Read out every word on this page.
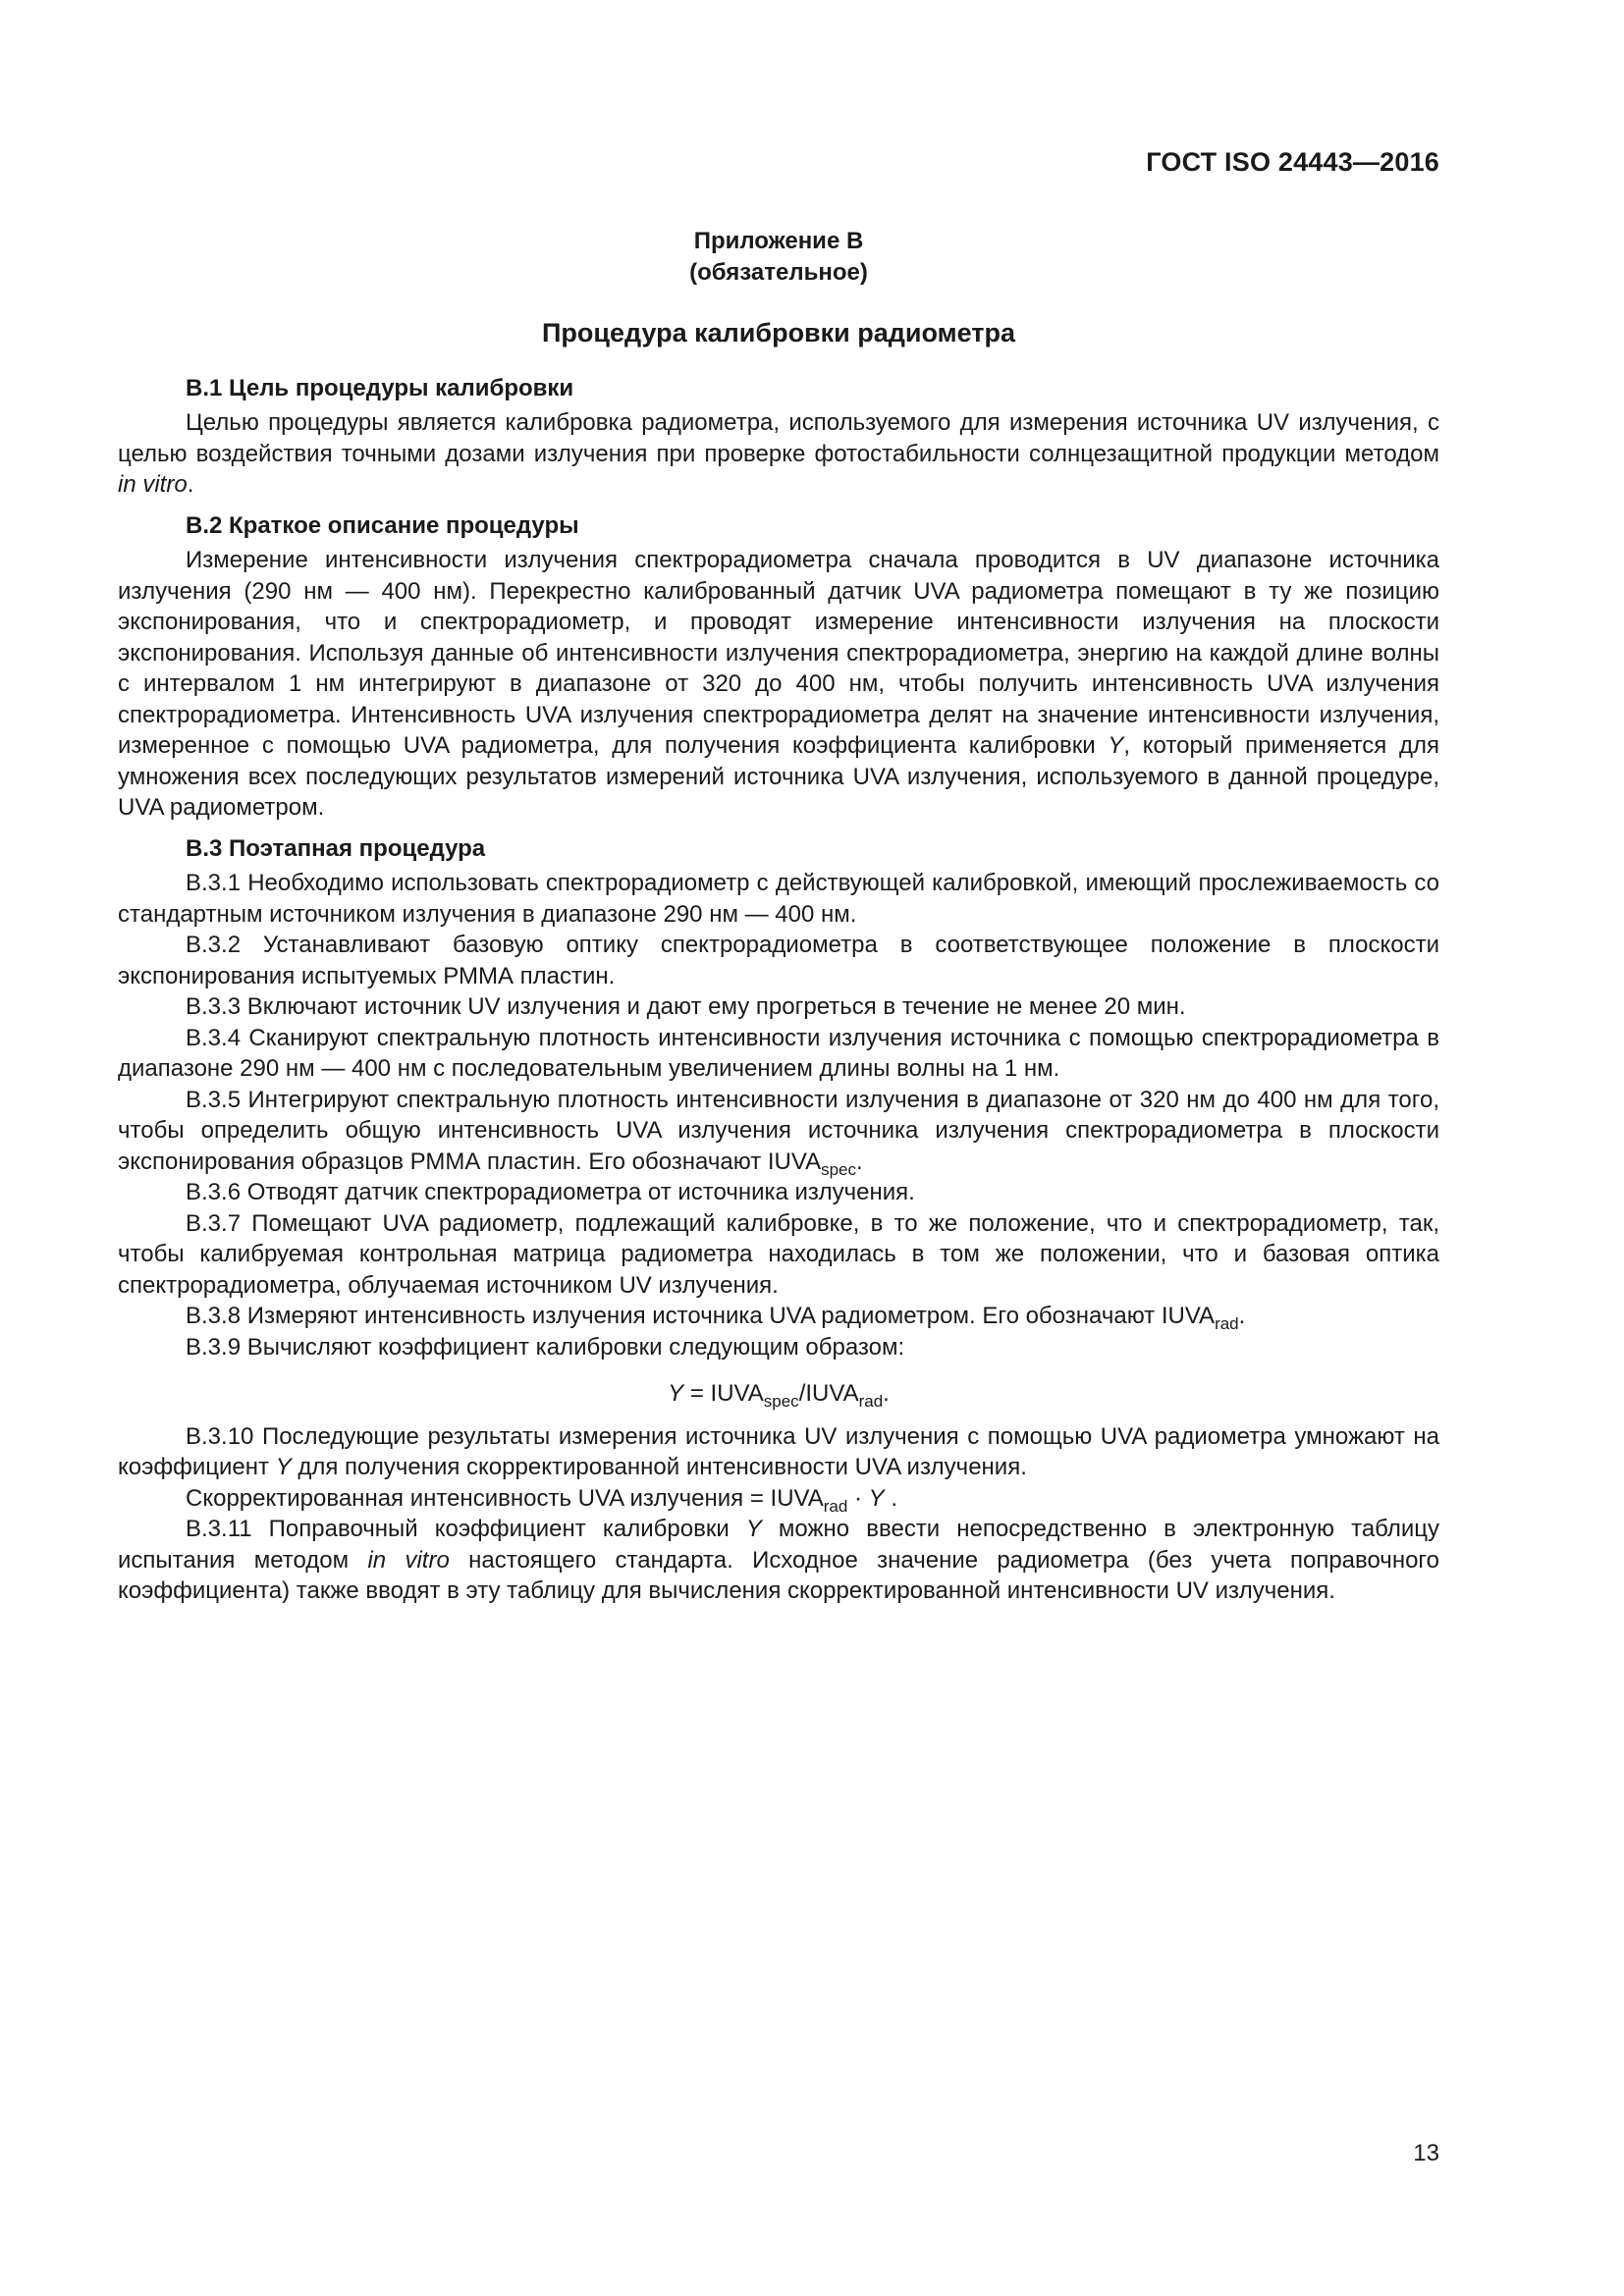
ГОСТ ISO 24443—2016
Приложение В
(обязательное)
Процедура калибровки радиометра
В.1 Цель процедуры калибровки

Целью процедуры является калибровка радиометра, используемого для измерения источника UV излучения, с целью воздействия точными дозами излучения при проверке фотостабильности солнцезащитной продукции методом in vitro.

В.2 Краткое описание процедуры

Измерение интенсивности излучения спектрорадиометра сначала проводится в UV диапазоне источника излучения (290 нм — 400 нм). Перекрестно калиброванный датчик UVA радиометра помещают в ту же позицию экспонирования, что и спектрорадиометр, и проводят измерение интенсивности излучения на плоскости экспонирования. Используя данные об интенсивности излучения спектрорадиометра, энергию на каждой длине волны с интервалом 1 нм интегрируют в диапазоне от 320 до 400 нм, чтобы получить интенсивность UVA излучения спектрорадиометра. Интенсивность UVA излучения спектрорадиометра делят на значение интенсивности излучения, измеренное с помощью UVA радиометра, для получения коэффициента калибровки Y, который применяется для умножения всех последующих результатов измерений источника UVA излучения, используемого в данной процедуре, UVA радиометром.

В.3 Поэтапная процедура

В.3.1 Необходимо использовать спектрорадиометр с действующей калибровкой, имеющий прослеживаемость со стандартным источником излучения в диапазоне 290 нм — 400 нм.

В.3.2 Устанавливают базовую оптику спектрорадиометра в соответствующее положение в плоскости экспонирования испытуемых РММА пластин.

В.3.3 Включают источник UV излучения и дают ему прогреться в течение не менее 20 мин.

В.3.4 Сканируют спектральную плотность интенсивности излучения источника с помощью спектрорадиометра в диапазоне 290 нм — 400 нм с последовательным увеличением длины волны на 1 нм.

В.3.5 Интегрируют спектральную плотность интенсивности излучения в диапазоне от 320 нм до 400 нм для того, чтобы определить общую интенсивность UVA излучения источника излучения спектрорадиометра в плоскости экспонирования образцов РММА пластин. Его обозначают $IUVA_{spec}$.

В.3.6 Отводят датчик спектрорадиометра от источника излучения.

В.3.7 Помещают UVA радиометр, подлежащий калибровке, в то же положение, что и спектрорадиометр, так, чтобы калибруемая контрольная матрица радиометра находилась в том же положении, что и базовая оптика спектрорадиометра, облучаемая источником UV излучения.

В.3.8 Измеряют интенсивность излучения источника UVA радиометром. Его обозначают $IUVA_{rad}$.

В.3.9 Вычисляют коэффициент калибровки следующим образом:

$Y = IUVA_{spec}/IUVA_{rad}$.

В.3.10 Последующие результаты измерения источника UV излучения с помощью UVA радиометра умножают на коэффициент Y для получения скорректированной интенсивности UVA излучения.

Скорректированная интенсивность UVA излучения = $IUVA_{rad} \cdot Y$ .

В.3.11 Поправочный коэффициент калибровки Y можно ввести непосредственно в электронную таблицу испытания методом in vitro настоящего стандарта. Исходное значение радиометра (без учета поправочного коэффициента) также вводят в эту таблицу для вычисления скорректированной интенсивности UV излучения.

13
